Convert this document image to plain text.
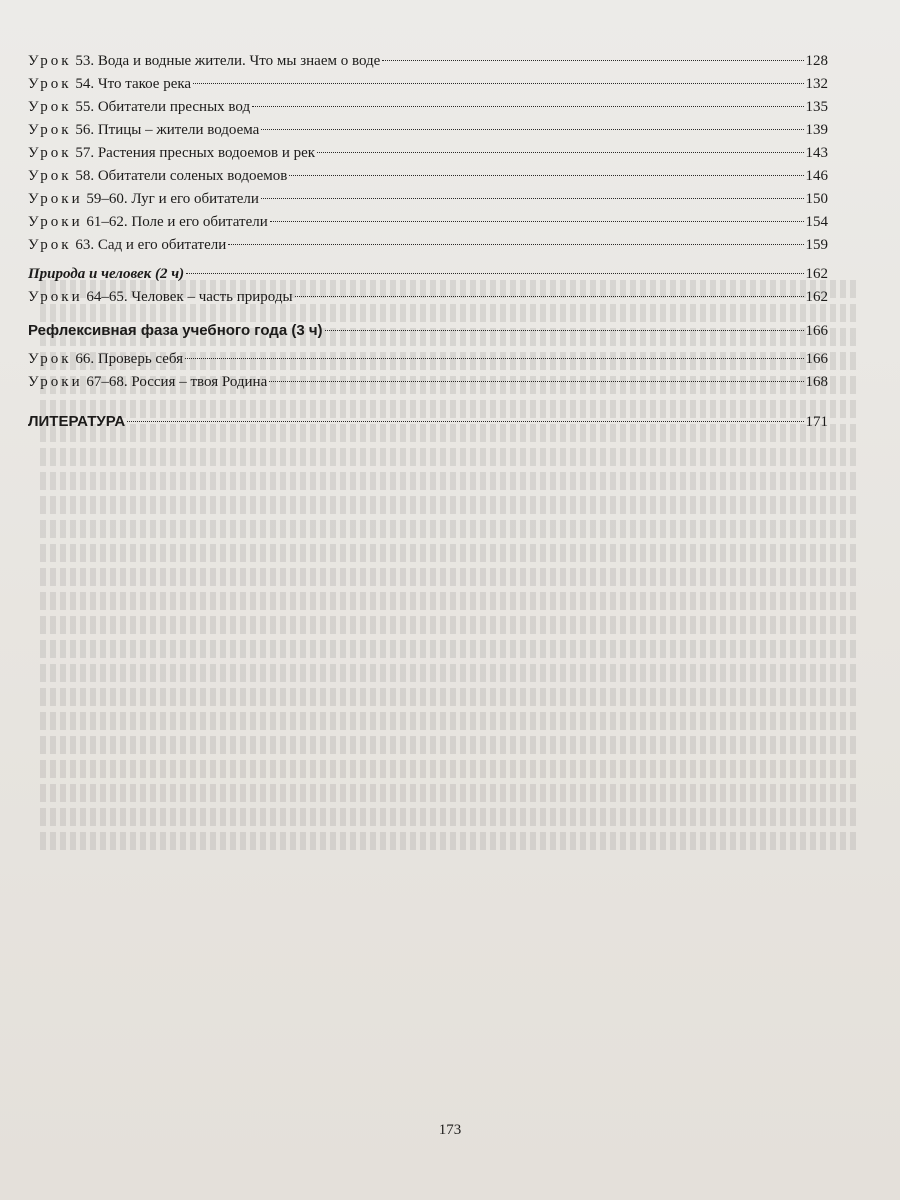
Урок 53. Вода и водные жители. Что мы знаем о воде	128
Урок 54. Что такое река	132
Урок 55. Обитатели пресных вод	135
Урок 56. Птицы – жители водоема	139
Урок 57. Растения пресных водоемов и рек	143
Урок 58. Обитатели соленых водоемов	146
Уроки 59–60. Луг и его обитатели	150
Уроки 61–62. Поле и его обитатели	154
Урок 63. Сад и его обитатели	159
Природа и человек (2 ч)	162
Уроки 64–65. Человек – часть природы	162
Рефлексивная фаза учебного года (3 ч)	166
Урок 66. Проверь себя	166
Уроки 67–68. Россия – твоя Родина	168
ЛИТЕРАТУРА	171
173
